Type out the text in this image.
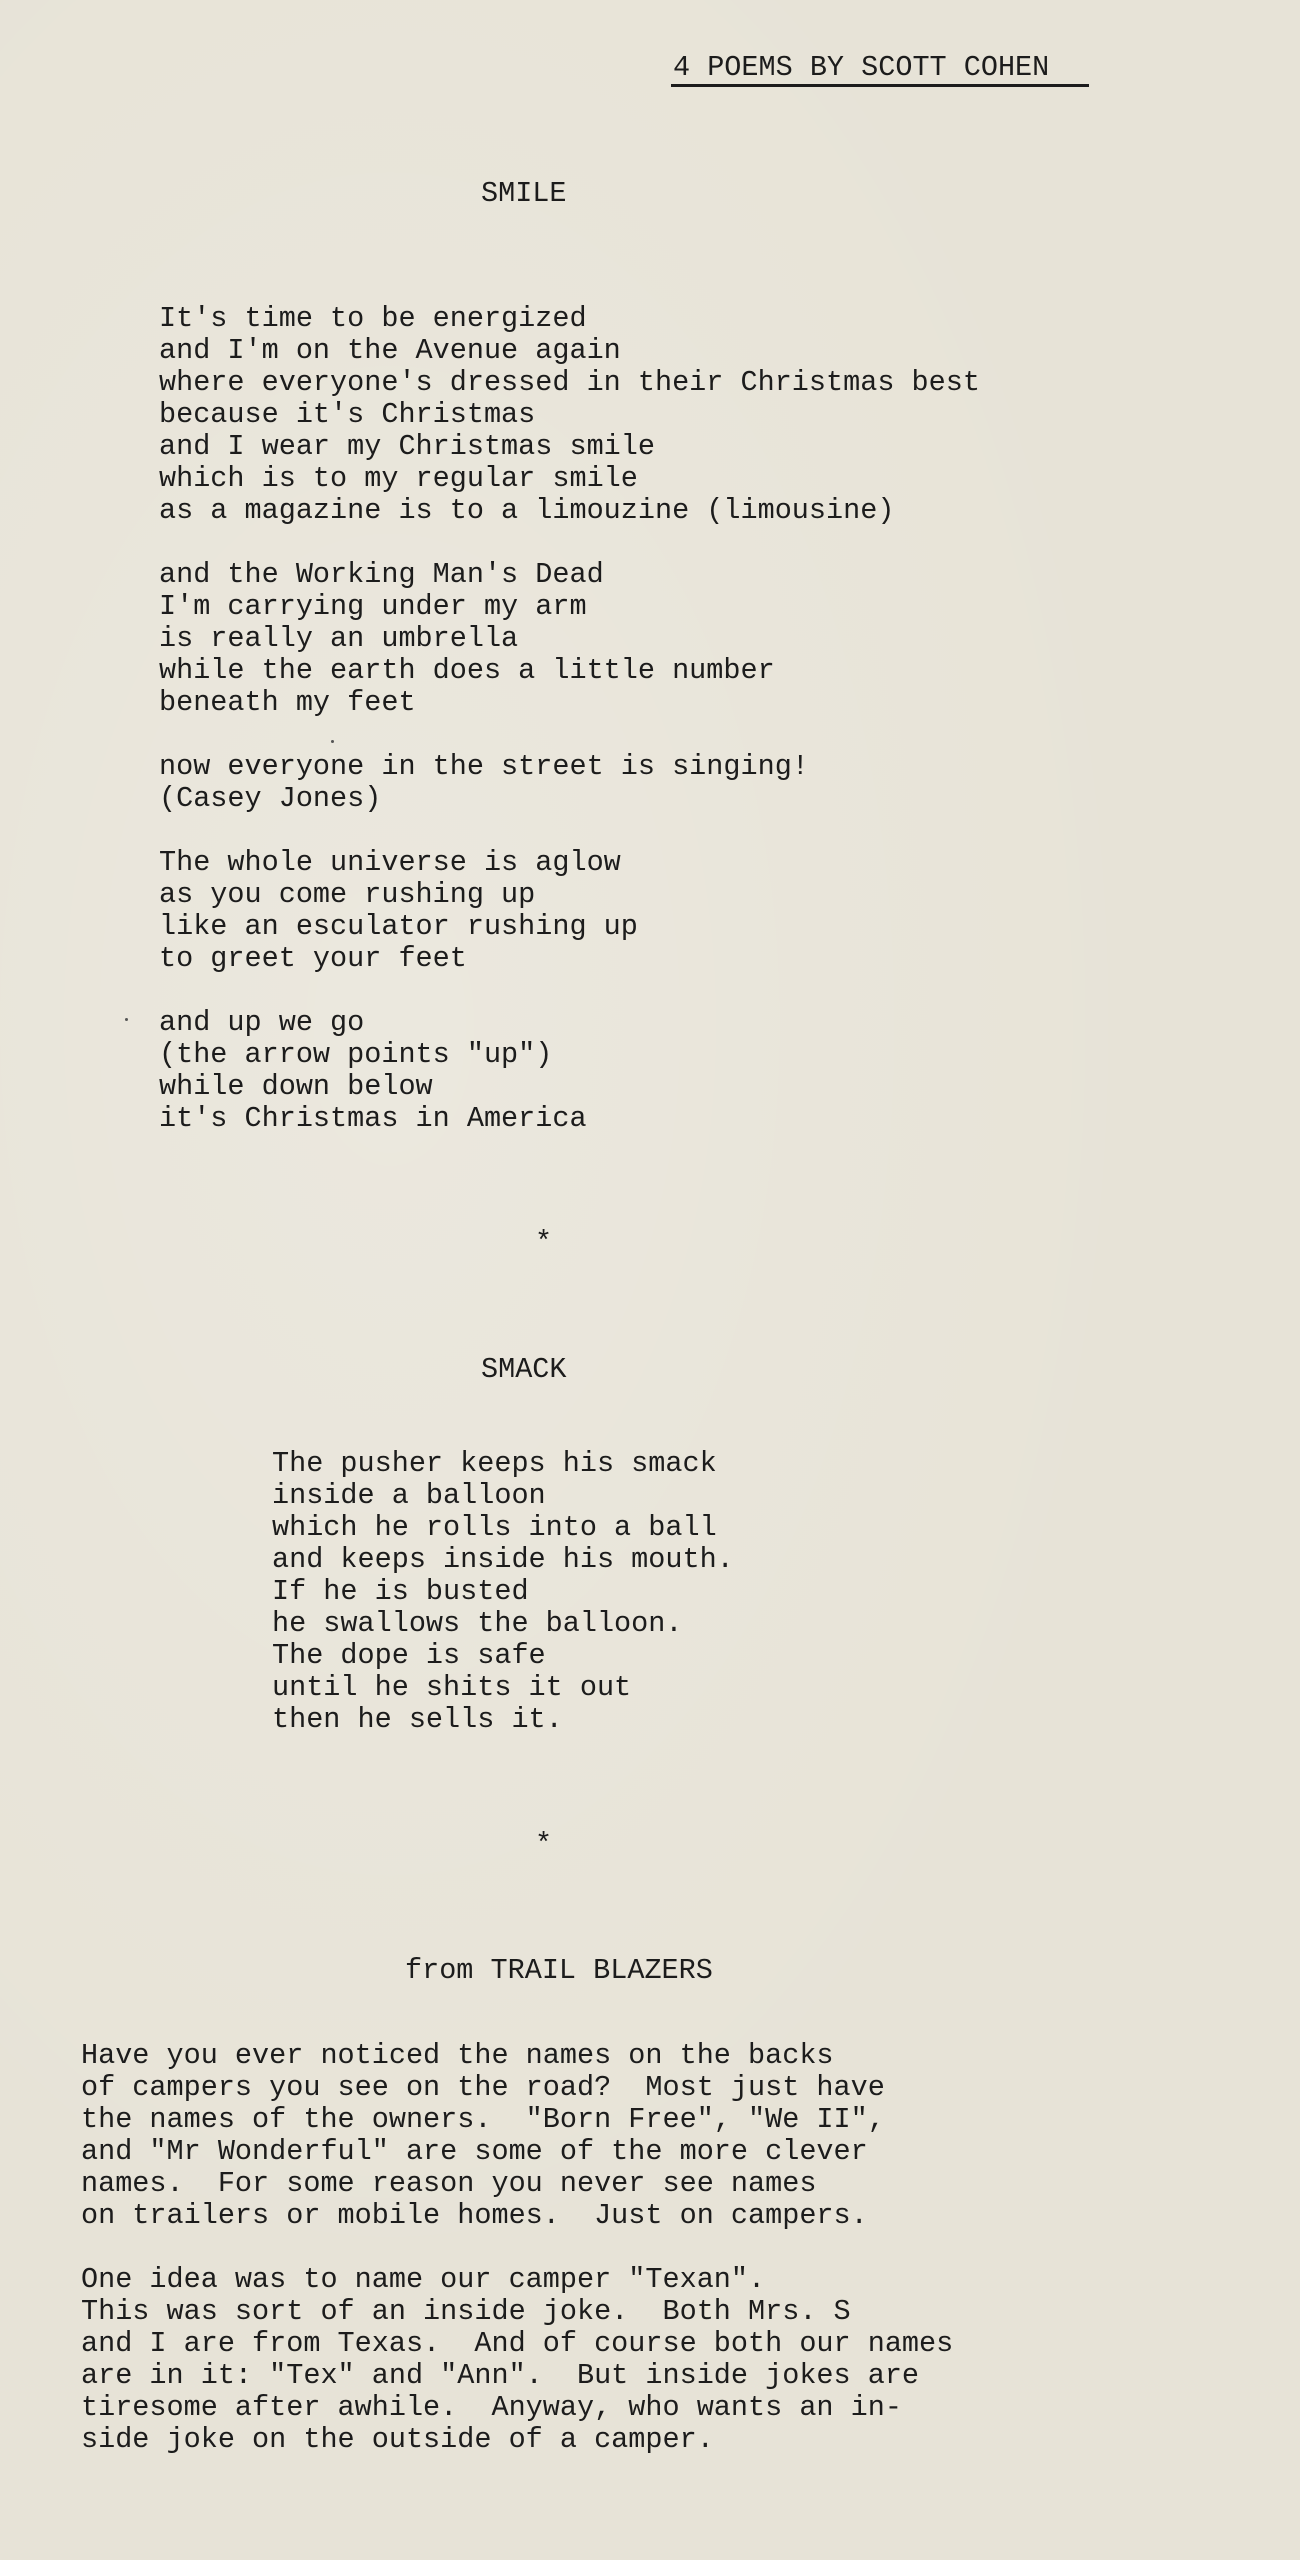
4 POEMS BY SCOTT COHEN
SMILE
It's time to be energized
and I'm on the Avenue again
where everyone's dressed in their Christmas best
because it's Christmas
and I wear my Christmas smile
which is to my regular smile
as a magazine is to a limouzine (limousine)
and the Working Man's Dead
I'm carrying under my arm
is really an umbrella
while the earth does a little number
beneath my feet
now everyone in the street is singing!
(Casey Jones)
The whole universe is aglow
as you come rushing up
like an esculator rushing up
to greet your feet
and up we go
(the arrow points "up")
while down below
it's Christmas in America
*
SMACK
The pusher keeps his smack
inside a balloon
which he rolls into a ball
and keeps inside his mouth.
If he is busted
he swallows the balloon.
The dope is safe
until he shits it out
then he sells it.
*
from TRAIL BLAZERS
Have you ever noticed the names on the backs
of campers you see on the road?  Most just have
the names of the owners.  "Born Free", "We II",
and "Mr Wonderful" are some of the more clever
names.  For some reason you never see names
on trailers or mobile homes.  Just on campers.
One idea was to name our camper "Texan".
This was sort of an inside joke.  Both Mrs. S
and I are from Texas.  And of course both our names
are in it: "Tex" and "Ann".  But inside jokes are
tiresome after awhile.  Anyway, who wants an in-
side joke on the outside of a camper.
